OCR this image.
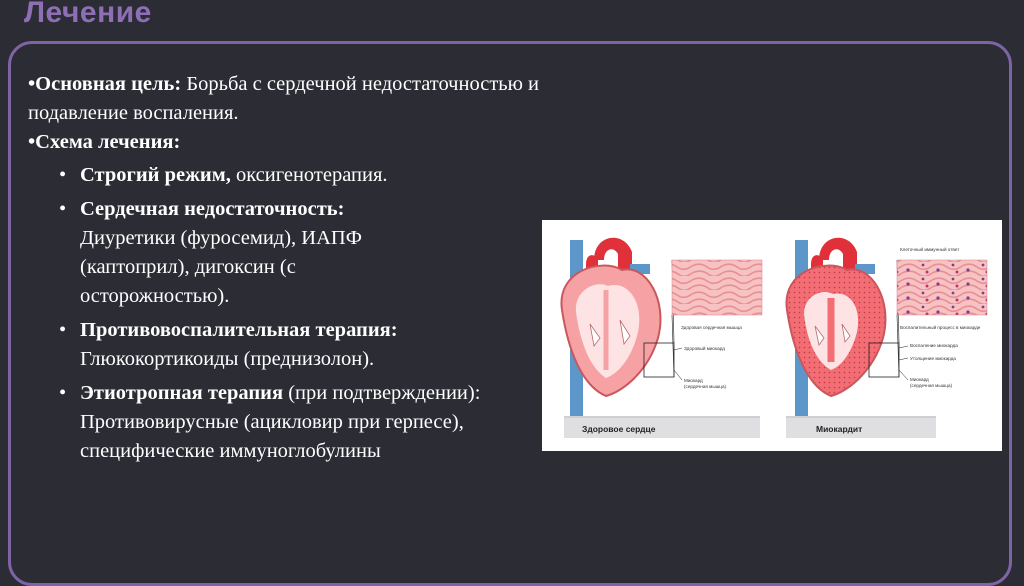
Лечение

•Основная цель: Борьба с сердечной недостаточностью и подавление воспаления.

•Схема лечения:

• Строгий режим, оксигенотерапия.
• Сердечная недостаточность: Диуретики (фуросемид), ИАПФ (каптоприл), дигоксин (с осторожностью).
• Противовоспалительная терапия: Глюкокортикоиды (преднизолон).
• Этиотропная терапия (при подтверждении): Противовирусные (ацикловир при герпесе), специфические иммуноглобулины
Здоровая сердечная мышца
Здоровый миокард
Миокард
(сердечная мышца)
Клеточный иммунный ответ
Воспалительный процесс в миокарде
Воспаление миокарда
Утолщение миокарда
Миокард
(сердечная мышца)
Здоровое сердце	Миокардит
